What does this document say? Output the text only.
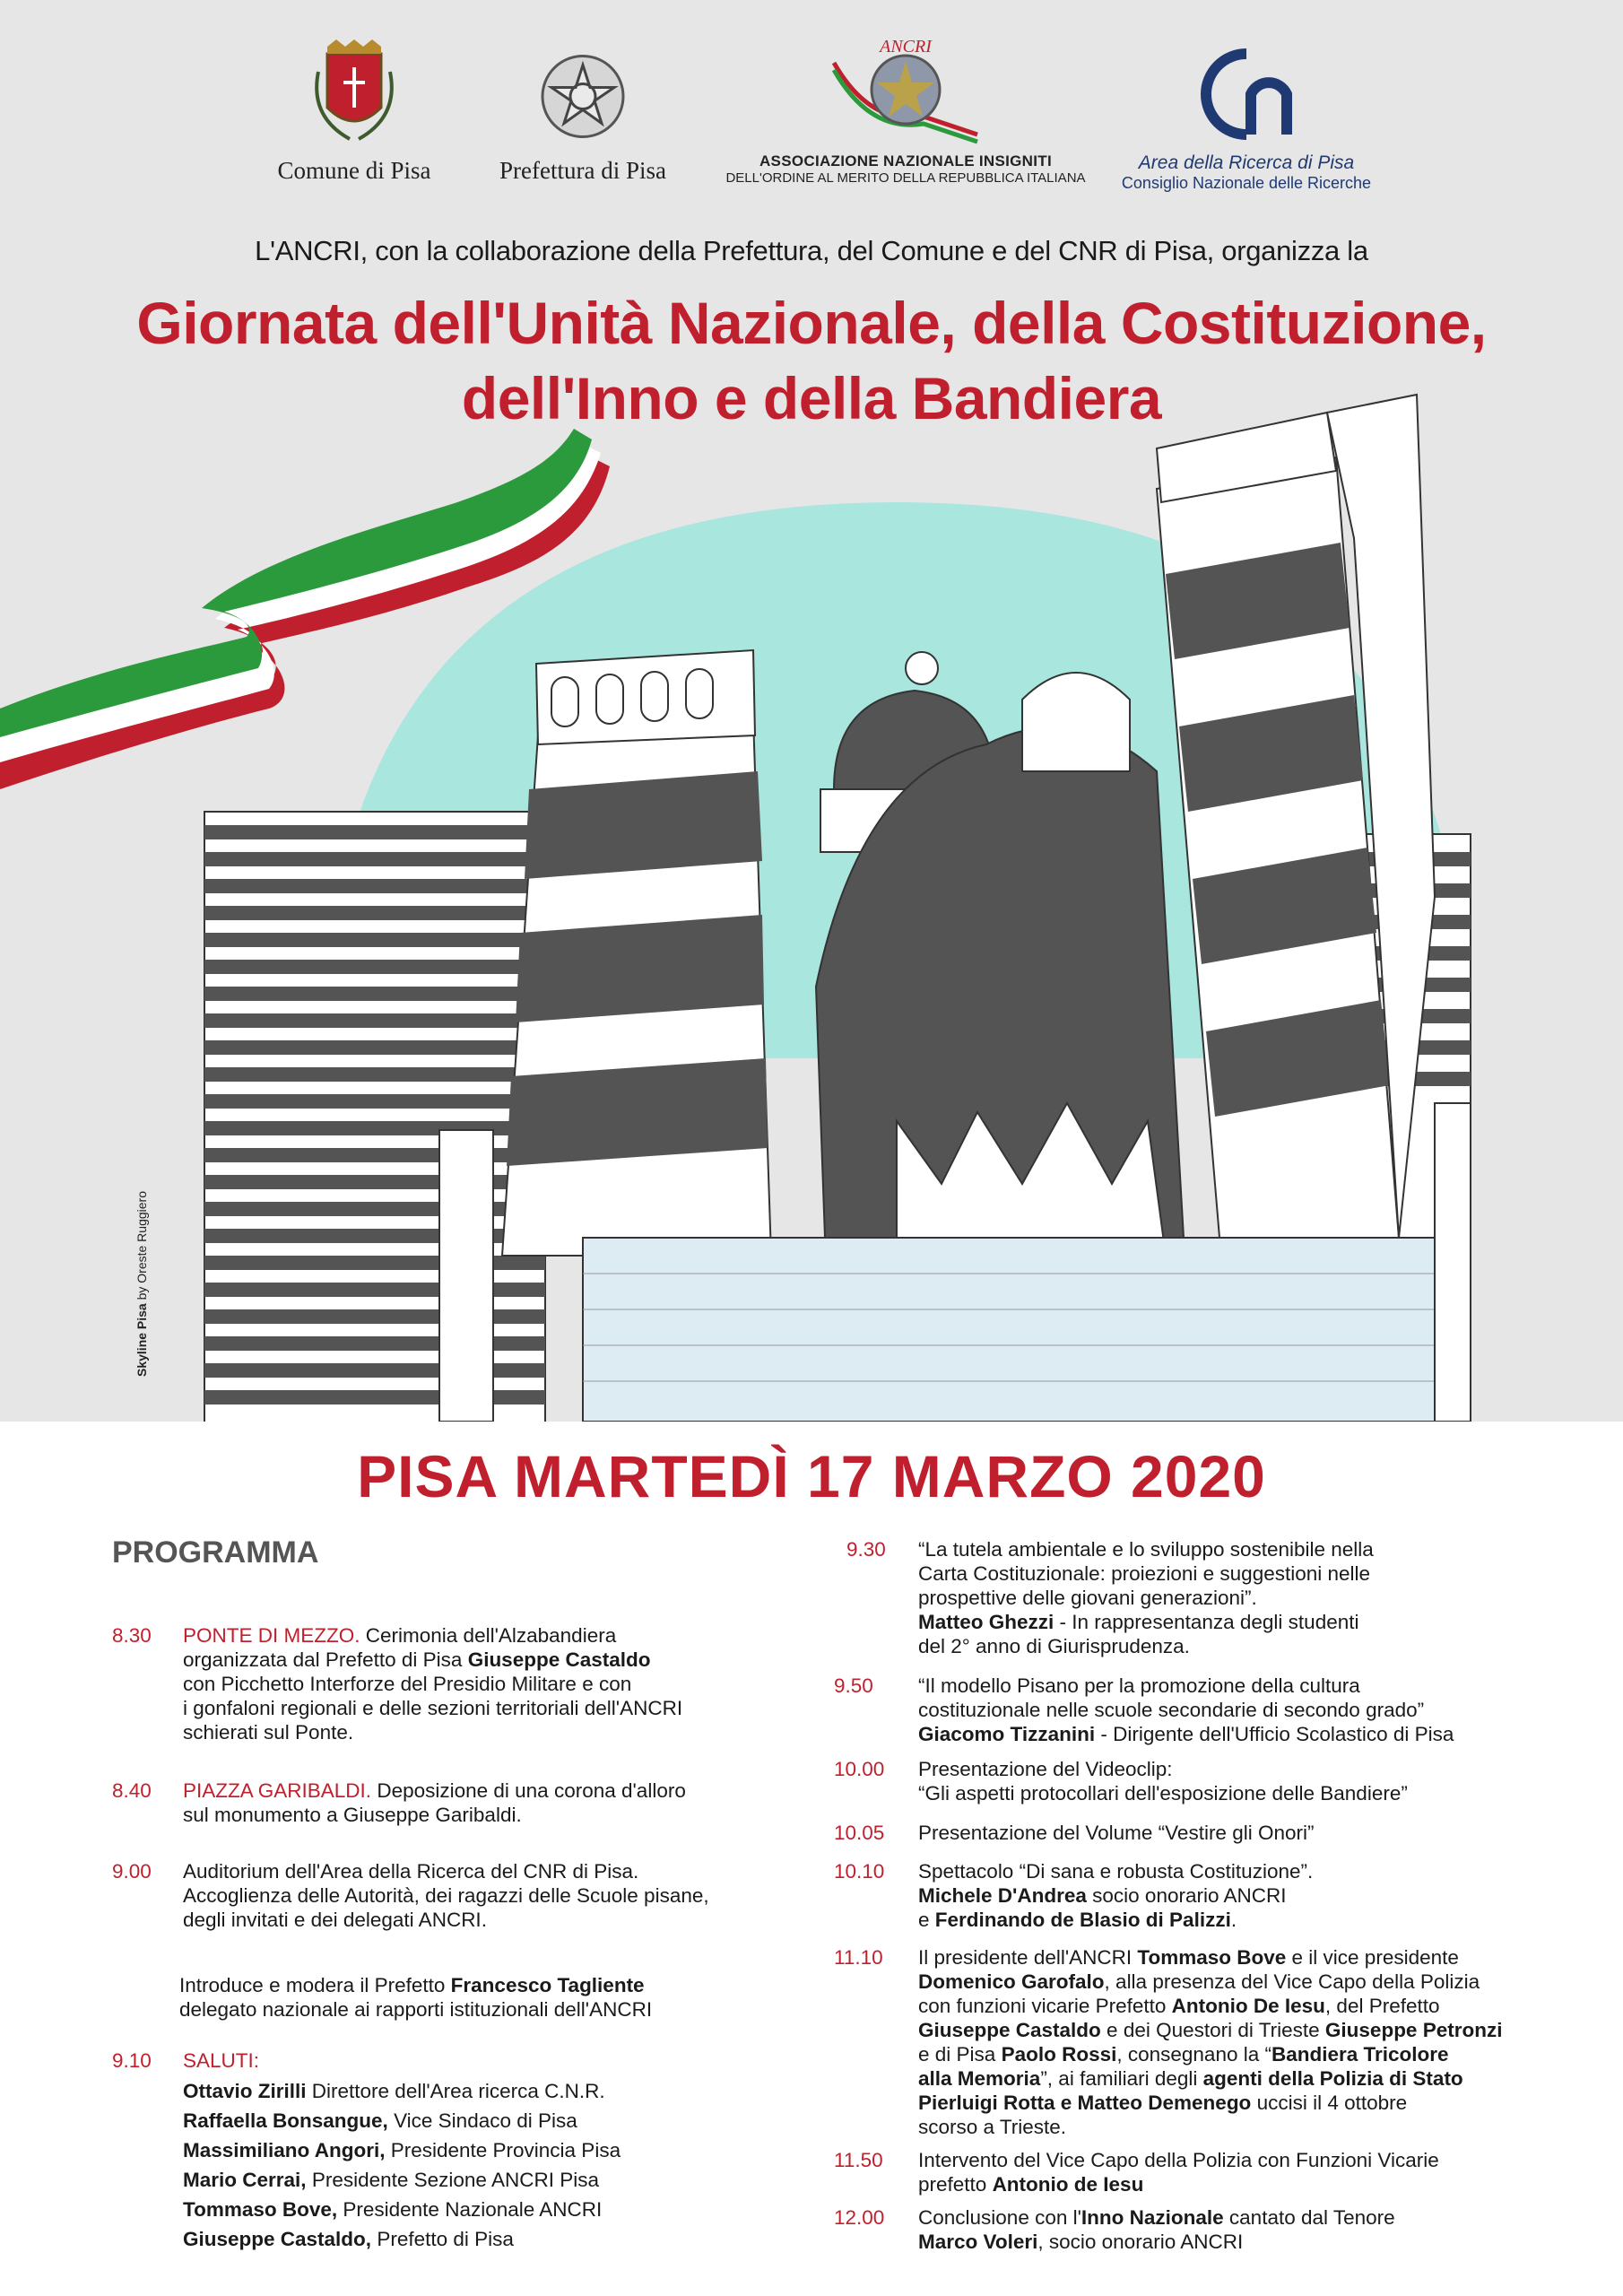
Comune di Pisa	Prefettura di Pisa
ANCRI
ASSOCIAZIONE NAZIONALE INSIGNITI
DELL'ORDINE AL MERITO DELLA REPUBBLICA ITALIANA
Area della Ricerca di Pisa
Consiglio Nazionale delle Ricerche
L'ANCRI, con la collaborazione della Prefettura, del Comune e del CNR di Pisa, organizza la
Giornata dell'Unità Nazionale, della Costituzione,
dell'Inno e della Bandiera
Skyline Pisa by Oreste Ruggiero
PISA MARTEDÌ 17 MARZO 2020
PROGRAMMA
8.30 PONTE DI MEZZO. Cerimonia dell'Alzabandiera
organizzata dal Prefetto di Pisa Giuseppe Castaldo
con Picchetto Interforze del Presidio Militare e con
i gonfaloni regionali e delle sezioni territoriali dell'ANCRI
schierati sul Ponte.
8.40 PIAZZA GARIBALDI. Deposizione di una corona d'alloro
sul monumento a Giuseppe Garibaldi.
9.00 Auditorium dell'Area della Ricerca del CNR di Pisa.
Accoglienza delle Autorità, dei ragazzi delle Scuole pisane,
degli invitati e dei delegati ANCRI.
Introduce e modera il Prefetto Francesco Tagliente
delegato nazionale ai rapporti istituzionali dell'ANCRI
9.10 SALUTI:
Ottavio Zirilli Direttore dell'Area ricerca C.N.R.
Raffaella Bonsangue, Vice Sindaco di Pisa
Massimiliano Angori, Presidente Provincia Pisa
Mario Cerrai, Presidente Sezione ANCRI Pisa
Tommaso Bove, Presidente Nazionale ANCRI
Giuseppe Castaldo, Prefetto di Pisa
9.30 “La tutela ambientale e lo sviluppo sostenibile nella
Carta Costituzionale: proiezioni e suggestioni nelle
prospettive delle giovani generazioni”.
Matteo Ghezzi - In rappresentanza degli studenti
del 2° anno di Giurisprudenza.
9.50 “Il modello Pisano per la promozione della cultura
costituzionale nelle scuole secondarie di secondo grado”
Giacomo Tizzanini - Dirigente dell'Ufficio Scolastico di Pisa
10.00 Presentazione del Videoclip:
“Gli aspetti protocollari dell'esposizione delle Bandiere”
10.05 Presentazione del Volume “Vestire gli Onori”
10.10 Spettacolo “Di sana e robusta Costituzione”.
Michele D'Andrea socio onorario ANCRI
e Ferdinando de Blasio di Palizzi.
11.10 Il presidente dell'ANCRI Tommaso Bove e il vice presidente
Domenico Garofalo, alla presenza del Vice Capo della Polizia
con funzioni vicarie Prefetto Antonio De Iesu, del Prefetto
Giuseppe Castaldo e dei Questori di Trieste Giuseppe Petronzi
e di Pisa Paolo Rossi, consegnano la “Bandiera Tricolore
alla Memoria”, ai familiari degli agenti della Polizia di Stato
Pierluigi Rotta e Matteo Demenego uccisi il 4 ottobre
scorso a Trieste.
11.50 Intervento del Vice Capo della Polizia con Funzioni Vicarie
prefetto Antonio de Iesu
12.00 Conclusione con l'Inno Nazionale cantato dal Tenore
Marco Voleri, socio onorario ANCRI
